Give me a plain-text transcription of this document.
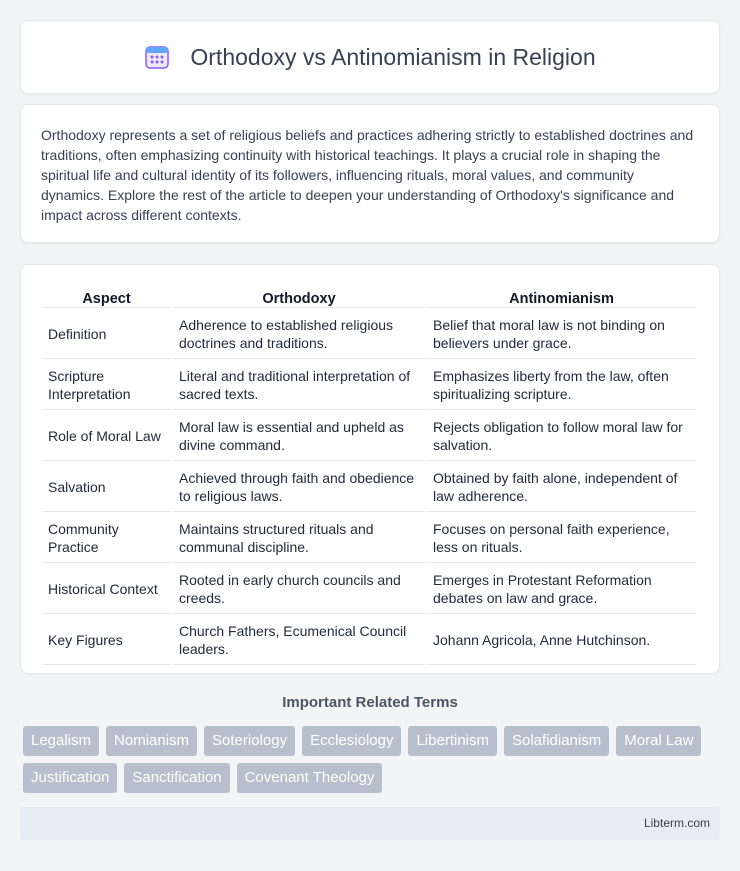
Orthodoxy vs Antinomianism in Religion

Orthodoxy represents a set of religious beliefs and practices adhering strictly to established doctrines and traditions, often emphasizing continuity with historical teachings. It plays a crucial role in shaping the spiritual life and cultural identity of its followers, influencing rituals, moral values, and community dynamics. Explore the rest of the article to deepen your understanding of Orthodoxy's significance and impact across different contexts.

Aspect	Orthodoxy	Antinomianism
Definition	Adherence to established religious doctrines and traditions.	Belief that moral law is not binding on believers under grace.
Scripture Interpretation	Literal and traditional interpretation of sacred texts.	Emphasizes liberty from the law, often spiritualizing scripture.
Role of Moral Law	Moral law is essential and upheld as divine command.	Rejects obligation to follow moral law for salvation.
Salvation	Achieved through faith and obedience to religious laws.	Obtained by faith alone, independent of law adherence.
Community Practice	Maintains structured rituals and communal discipline.	Focuses on personal faith experience, less on rituals.
Historical Context	Rooted in early church councils and creeds.	Emerges in Protestant Reformation debates on law and grace.
Key Figures	Church Fathers, Ecumenical Council leaders.	Johann Agricola, Anne Hutchinson.
Important Related Terms
Legalism	Nomianism	Soteriology	Ecclesiology	Libertinism	Solafidianism	Moral Law
Justification	Sanctification	Covenant Theology
Libterm.com
